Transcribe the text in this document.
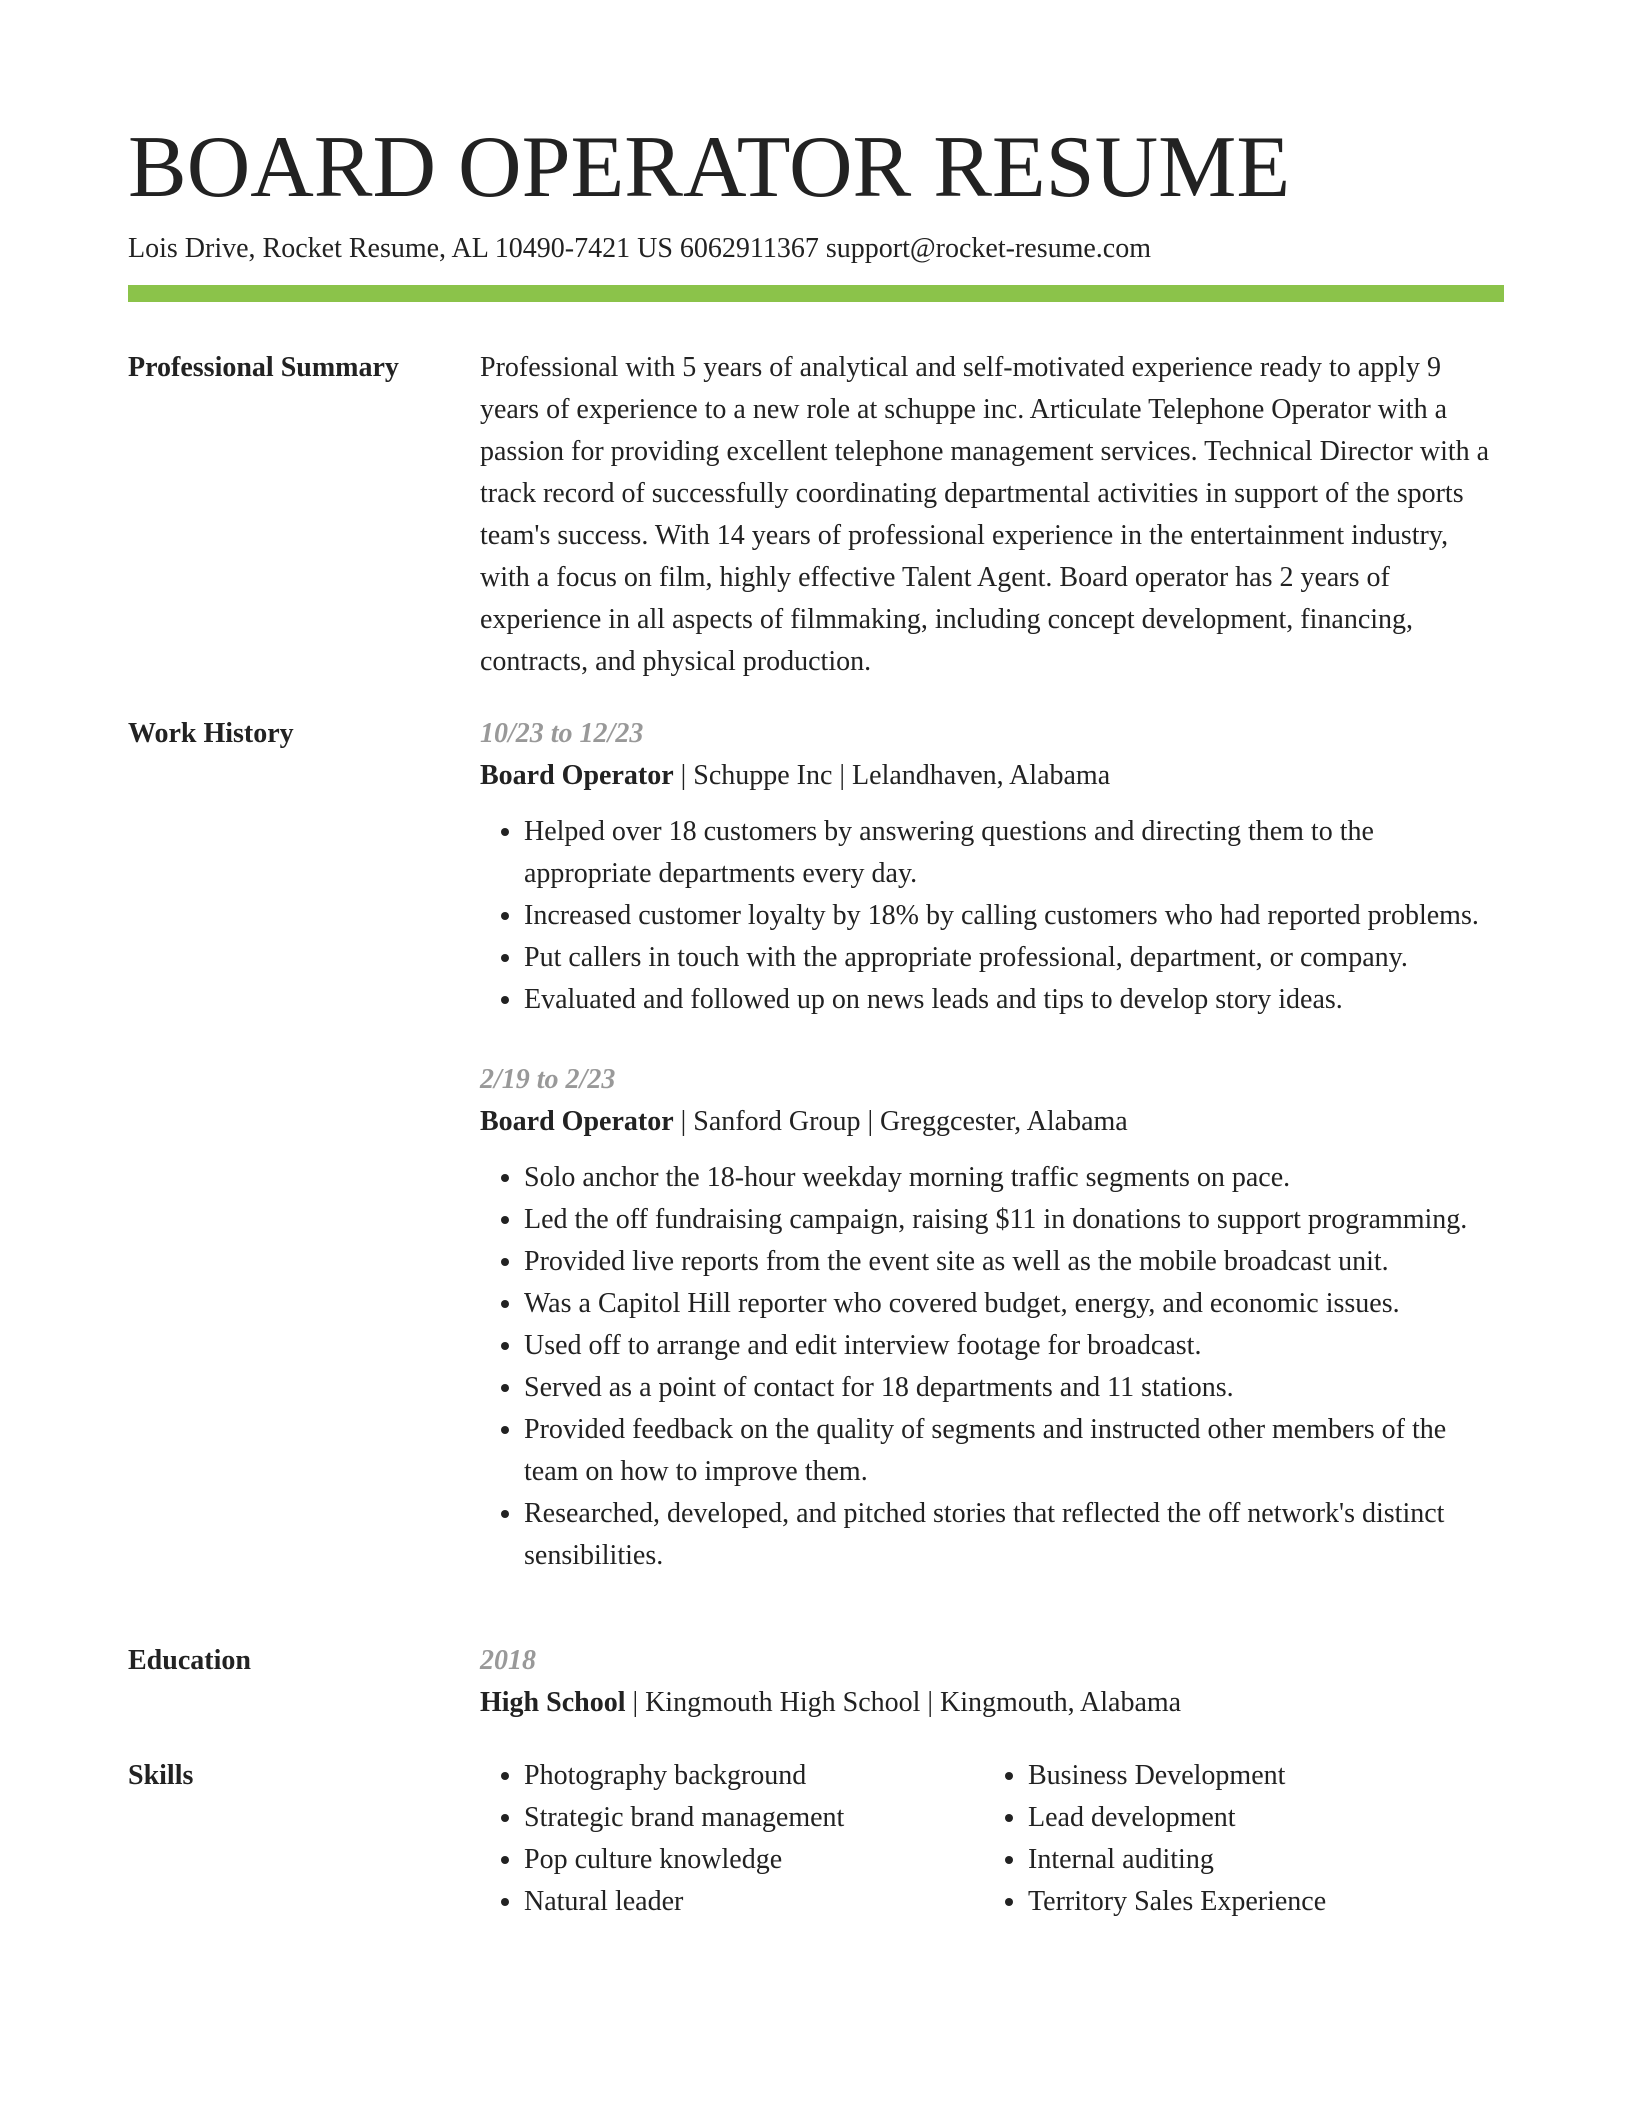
BOARD OPERATOR RESUME
Lois Drive, Rocket Resume, AL 10490-7421 US 6062911367 support@rocket-resume.com
Professional Summary	Professional with 5 years of analytical and self-motivated experience ready to apply 9 years of experience to a new role at schuppe inc. Articulate Telephone Operator with a passion for providing excellent telephone management services. Technical Director with a track record of successfully coordinating departmental activities in support of the sports team's success. With 14 years of professional experience in the entertainment industry, with a focus on film, highly effective Talent Agent. Board operator has 2 years of experience in all aspects of filmmaking, including concept development, financing, contracts, and physical production.

Work History	10/23 to 12/23

Board Operator | Schuppe Inc | Lelandhaven, Alabama

• Helped over 18 customers by answering questions and directing them to the appropriate departments every day.
• Increased customer loyalty by 18% by calling customers who had reported problems.
• Put callers in touch with the appropriate professional, department, or company.
• Evaluated and followed up on news leads and tips to develop story ideas.

2/19 to 2/23

Board Operator | Sanford Group | Greggcester, Alabama

• Solo anchor the 18-hour weekday morning traffic segments on pace.
• Led the off fundraising campaign, raising $11 in donations to support programming.
• Provided live reports from the event site as well as the mobile broadcast unit.
• Was a Capitol Hill reporter who covered budget, energy, and economic issues.
• Used off to arrange and edit interview footage for broadcast.
• Served as a point of contact for 18 departments and 11 stations.
• Provided feedback on the quality of segments and instructed other members of the team on how to improve them.
• Researched, developed, and pitched stories that reflected the off network's distinct sensibilities.
Education	2018

High School | Kingmouth High School | Kingmouth, Alabama

Skills
•	Photography background
• Strategic brand management
• Pop culture knowledge
• Natural leader
• Business Development
• Lead development
• Internal auditing
• Territory Sales Experience
